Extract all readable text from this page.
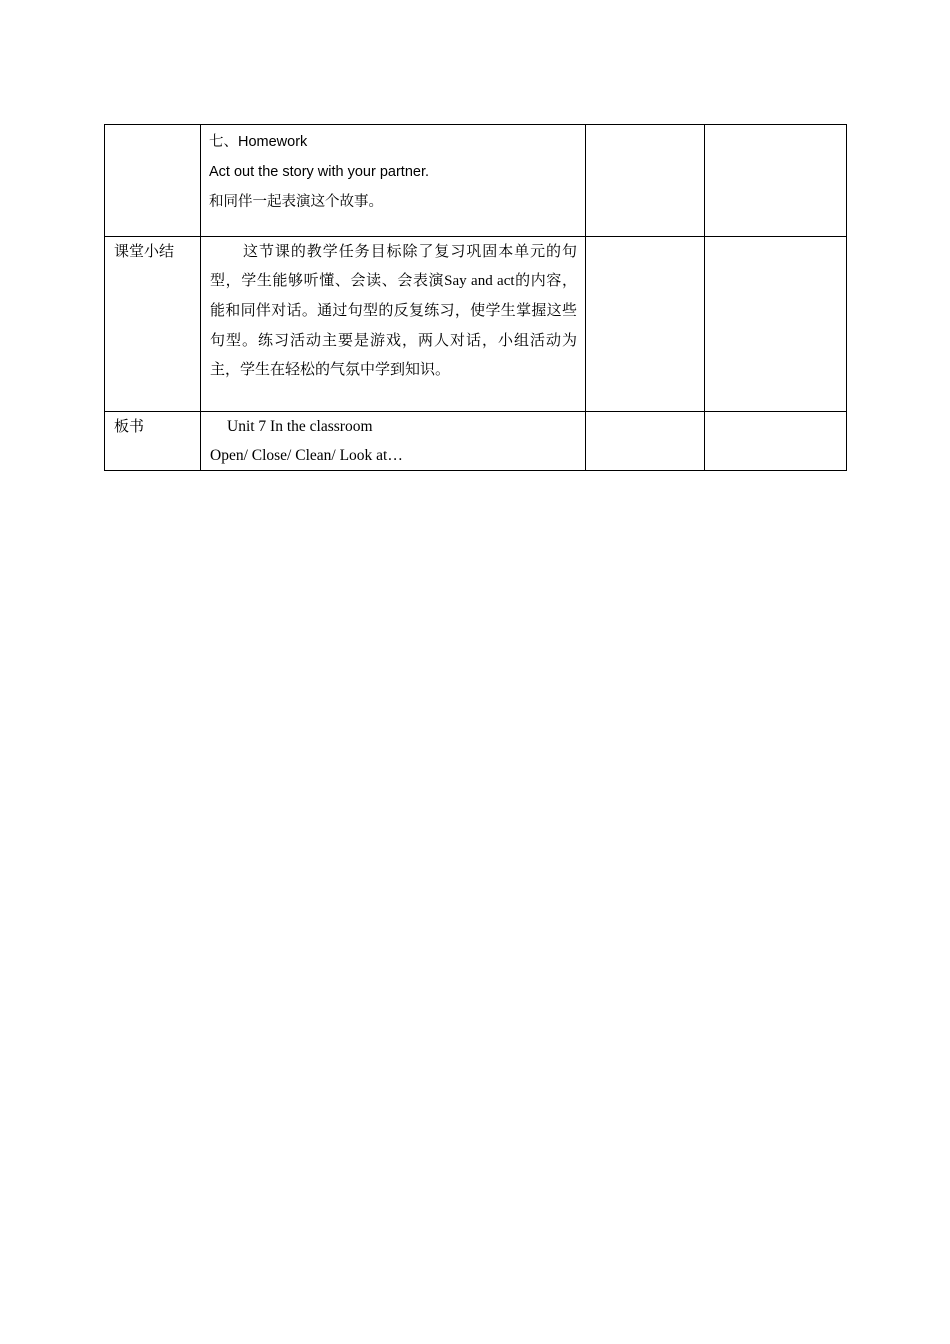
	七、Homework
Act out the story with your partner.
和同伴一起表演这个故事。		

课堂小结	这节课的教学任务目标除了复习巩固本单元的句型，学生能够听懂、会读、会表演Say and act的内容，能和同伴对话。通过句型的反复练习，使学生掌握这些句型。练习活动主要是游戏，两人对话，小组活动为主，学生在轻松的气氛中学到知识。		

板书	Unit 7 In the classroom
Open/ Close/ Clean/ Look at…		
